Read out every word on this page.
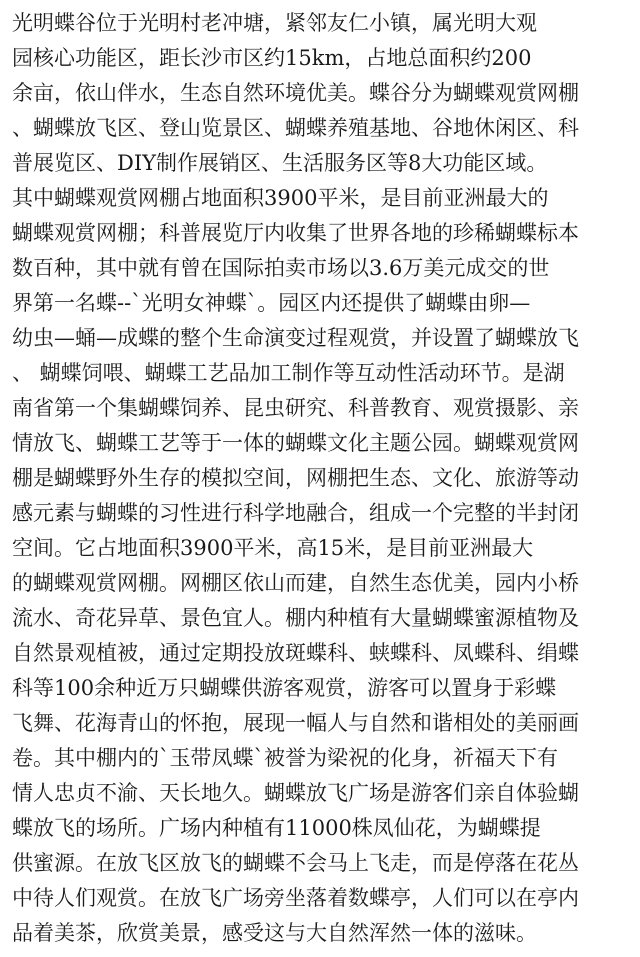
光明蝶谷位于光明村老冲塘，紧邻友仁小镇，属光明大观
园核心功能区，距长沙市区约15km，占地总面积约200
余亩，依山伴水，生态自然环境优美。蝶谷分为蝴蝶观赏网棚
、蝴蝶放飞区、登山览景区、蝴蝶养殖基地、谷地休闲区、科
普展览区、DIY制作展销区、生活服务区等8大功能区域。
其中蝴蝶观赏网棚占地面积3900平米，是目前亚洲最大的
蝴蝶观赏网棚；科普展览厅内收集了世界各地的珍稀蝴蝶标本
数百种，其中就有曾在国际拍卖市场以3.6万美元成交的世
界第一名蝶--`光明女神蝶`。园区内还提供了蝴蝶由卵—
幼虫—蛹—成蝶的整个生命演变过程观赏，并设置了蝴蝶放飞
、 蝴蝶饲喂、蝴蝶工艺品加工制作等互动性活动环节。是湖
南省第一个集蝴蝶饲养、昆虫研究、科普教育、观赏摄影、亲
情放飞、蝴蝶工艺等于一体的蝴蝶文化主题公园。蝴蝶观赏网
棚是蝴蝶野外生存的模拟空间，网棚把生态、文化、旅游等动
感元素与蝴蝶的习性进行科学地融合，组成一个完整的半封闭
空间。它占地面积3900平米，高15米，是目前亚洲最大
的蝴蝶观赏网棚。网棚区依山而建，自然生态优美，园内小桥
流水、奇花异草、景色宜人。棚内种植有大量蝴蝶蜜源植物及
自然景观植被，通过定期投放斑蝶科、蛱蝶科、凤蝶科、绢蝶
科等100余种近万只蝴蝶供游客观赏，游客可以置身于彩蝶
飞舞、花海青山的怀抱，展现一幅人与自然和谐相处的美丽画
卷。其中棚内的`玉带凤蝶`被誉为梁祝的化身，祈福天下有
情人忠贞不渝、天长地久。蝴蝶放飞广场是游客们亲自体验蝴
蝶放飞的场所。广场内种植有11000株凤仙花，为蝴蝶提
供蜜源。在放飞区放飞的蝴蝶不会马上飞走，而是停落在花丛
中待人们观赏。在放飞广场旁坐落着数蝶亭，人们可以在亭内
品着美茶，欣赏美景，感受这与大自然浑然一体的滋味。
